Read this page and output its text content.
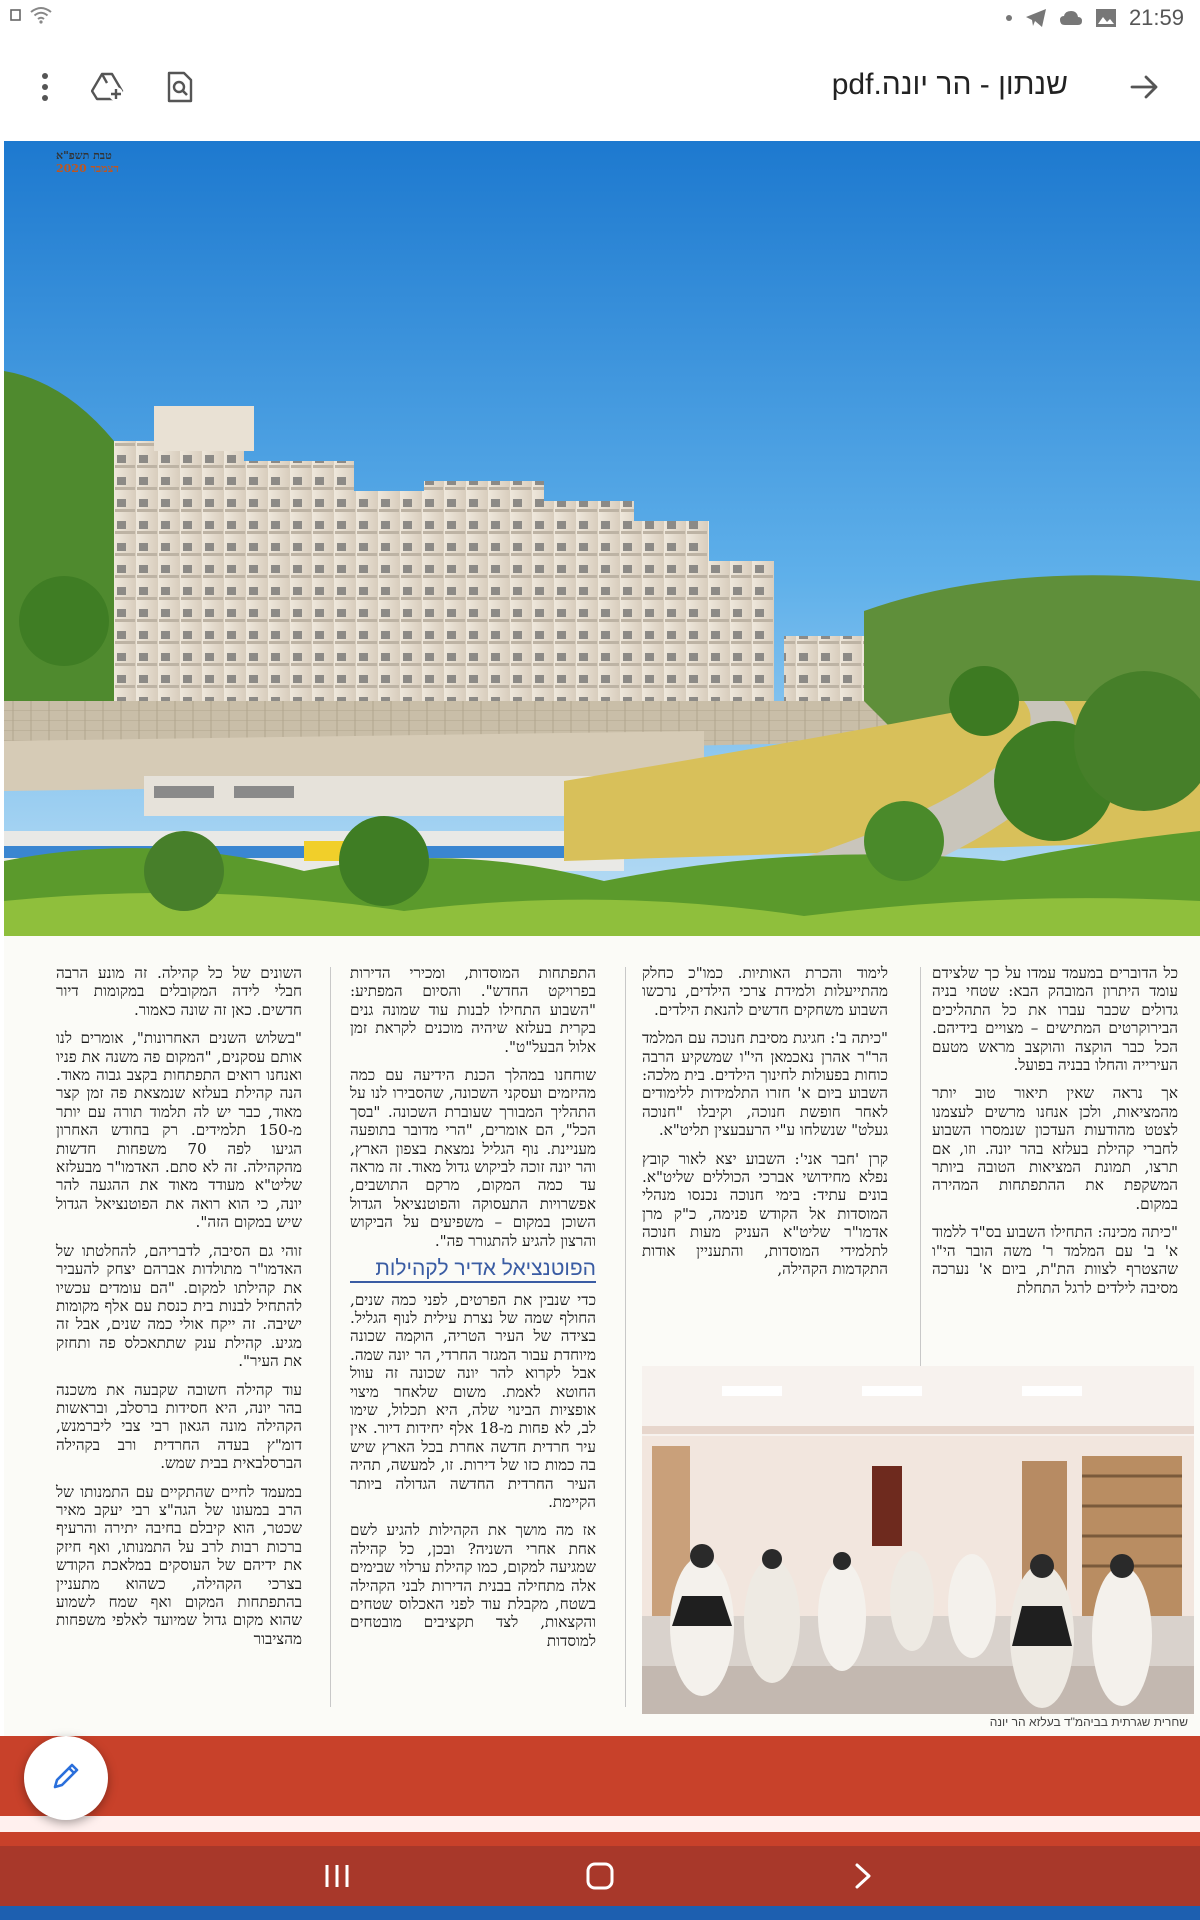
21:59
שנתון - הר יונה.pdf
טבת תשפ"א
דצמבר 2020

כל הדוברים במעמד עמדו על כך שלצידם עומד היתרון המובהק הבא: שטחי בניה גדולים שכבר עברו את כל התהליכים הבירוקרטים המתישים – מצויים בידיהם. הכל כבר הוקצה והוקצב מראש מטעם העירייה והחלו בבניה בפועל.

אך נראה שאין תיאור טוב יותר מהמציאות, ולכן אנחנו מרשים לעצמנו לצטט מהודעות העדכון שנמסרו השבוע לחברי קהילת בעלזא בהר יונה. וזו, אם תרצו, תמונת המציאות הטובה ביותר המשקפת את ההתפתחות המהירה במקום.

"כיתה מכינה: התחילו השבוע בס"ד ללמוד א' ב' עם המלמד ר' משה הובר הי"ו שהצטרף לצוות הת"ת, ביום א' נערכה מסיבה לילדים לרגל התחלת

לימוד והכרת האותיות. כמו"כ כחלק מהתייעלות ולמידת צרכי הילדים, נרכשו השבוע משחקים חדשים להנאת הילדים.

"כיתה ב': חגיגת מסיבת חנוכה עם המלמד הר"ר אהרן נאכמאן הי"ו שמשקיע הרבה כוחות בפעולות לחינוך הילדים. בית מלכה: השבוע ביום א' חזרו התלמידות ללימודים לאחר חופשת חנוכה, וקיבלו "חנוכה געלט" שנשלחו ע"י הרעבעצין תליט"א.

קרן 'חבר אני': השבוע יצא לאור קובץ נפלא מחידושי אברכי הכוללים שליט"א. בונים עתיד: בימי חנוכה נכנסו מנהלי המוסדות אל הקודש פנימה, כ"ק מרן אדמו"ר שליט"א העניק מעות חנוכה לתלמידי המוסדות, והתעניין אודות התקדמות הקהילה,

התפתחות המוסדות, ומכירי הדירות בפרויקט החדש". והסיום המפתיע: "השבוע התחילו לבנות עוד שמונה גנים בקרית בעלזא שיהיה מוכנים לקראת זמן אלול הבעל"ט".

שוחחנו במהלך הכנת הידיעה עם כמה מהיזמים ועסקני השכונה, שהסבירו לנו על התהליך המבורך שעוברת השכונה. "בסך הכל", הם אומרים, "הרי מדובר בתופעה מעניינת. נוף הגליל נמצאת בצפון הארץ, והר יונה זוכה לביקוש גדול מאוד. זה מראה עד כמה המקום, מרקם התושבים, אפשרויות התעסוקה והפוטנציאל הגדול השוכן במקום – משפיעים על הביקוש והרצון להגיע להתגורר פה".

הפוטנציאל אדיר לקהילות

כדי שנבין את הפרטים, לפני כמה שנים, החולף שמה של נצרת עילית לנוף הגליל. בצידה של העיר הטריה, הוקמה שכונה מיוחדת עבור המגזר החרדי, הר יונה שמה. אבל לקרוא להר יונה שכונה זה עוול החוטא לאמת. משום שלאחר מיצוי אופציות הבינוי שלה, היא תכלול, שימו לב, לא פחות מ-18 אלף יחידות דיור. אין עיר חרדית חדשה אחרת בכל הארץ שיש בה כמות כזו של דירות. זו, למעשה, תהיה העיר החרדית החדשה הגדולה ביותר הקיימת.

אז מה מושך את הקהילות להגיע לשם אחת אחרי השניה? ובכן, כל קהילה שמגיעה למקום, כמו קהילת ערלוי שבימים אלה מתחילה בבנית הדירות לבני הקהילה בשטח, מקבלת עוד לפני האכלוס שטחים והקצאות, לצד תקציבים מובטחים למוסדות

השונים של כל קהילה. זה מונע הרבה חבלי לידה המקובלים במקומות דיור חדשים. כאן זה שונה כאמור.

"בשלוש השנים האחרונות", אומרים לנו אותם עסקנים, "המקום פה משנה את פניו ואנחנו רואים התפתחות בקצב גבוה מאוד. הנה קהילת בעלזא שנמצאת פה זמן קצר מאוד, כבר יש לה תלמוד תורה עם יותר מ-150 תלמידים. רק בחודש האחרון הגיעו לפה 70 משפחות חדשות מהקהילה. זה לא סתם. האדמו"ר מבעלזא שליט"א מעודד מאוד את ההגעה להר יונה, כי הוא רואה את הפוטנציאל הגדול שיש במקום הזה".

זוהי גם הסיבה, לדבריהם, להחלטתו של האדמו"ר מתולדות אברהם יצחק להעביר את קהילתו למקום. "הם עומדים עכשיו להתחיל לבנות בית כנסת עם אלף מקומות ישיבה. זה ייקח אולי כמה שנים, אבל זה מגיע. קהילת ענק שתתאכלס פה ותחזק את העיר".

עוד קהילה חשובה שקבעה את משכנה בהר יונה, היא חסידות ברסלב, ובראשות הקהילה מונה הגאון רבי צבי ליברמנש, דומ"ץ בעדה החרדית ורב בקהילה הברסלבאית בבית שמש.

במעמד לחיים שהתקיים עם התמנותו של הרב במעונו של הגה"צ רבי יעקב מאיר שכטר, הוא קיבלם בחיבה יתירה והרעיף ברכות רבות לרב על התמנותו, ואף חיזק את ידיהם של העוסקים במלאכת הקודש בצרכי הקהילה, כשהוא מתעניין בהתפתחות המקום ואף שמח לשמוע שהוא מקום גדול שמיועד לאלפי משפחות מהציבור

שחרית שגרתית בביהמ"ד בעלזא הר יונה
